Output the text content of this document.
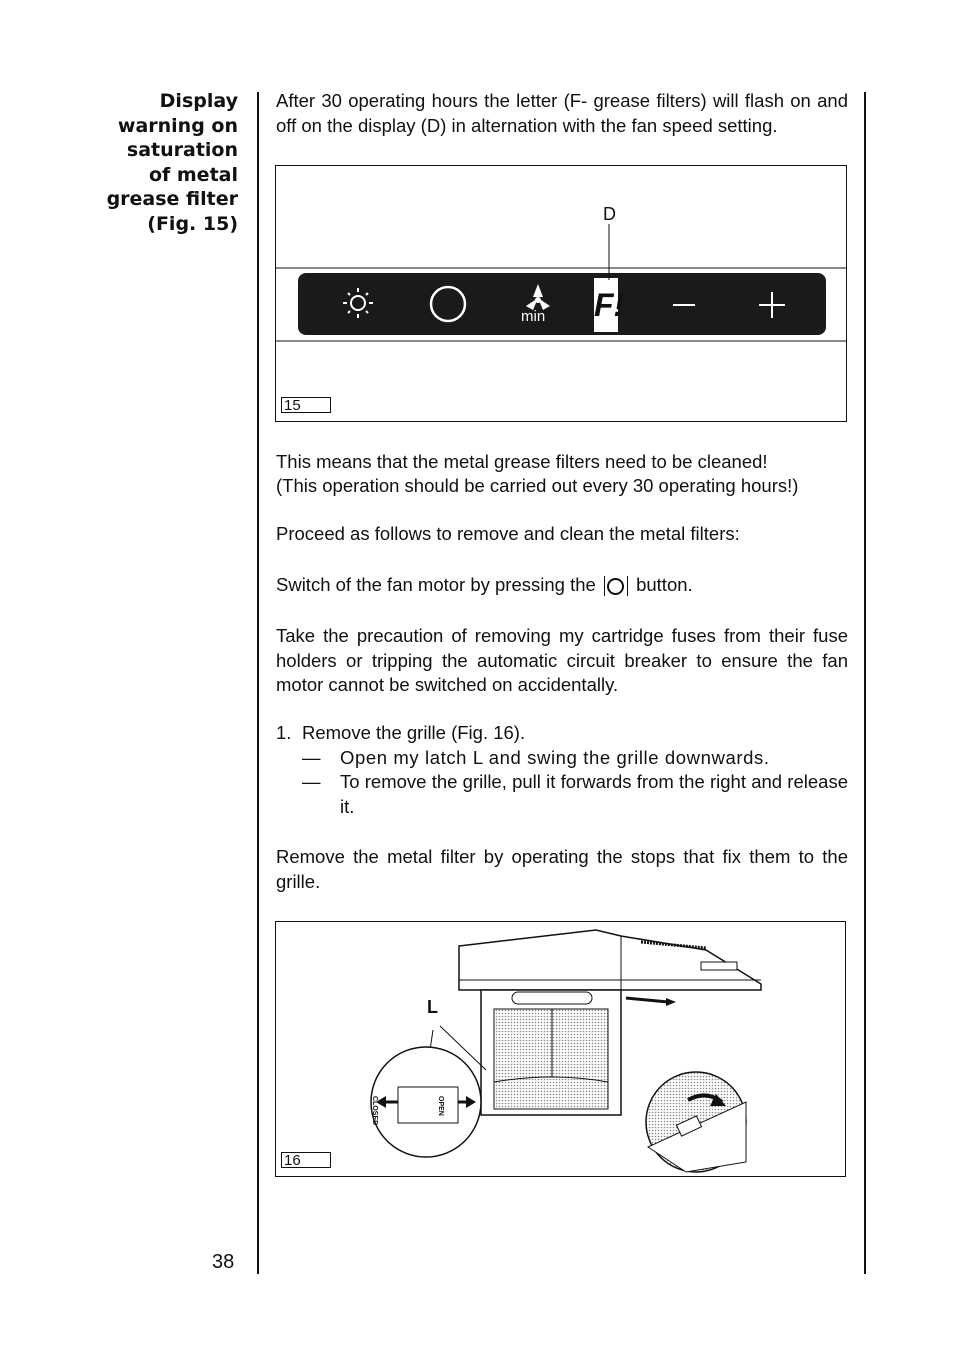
Display
warning on
saturation
of metal
grease filter
(Fig. 15)

After 30 operating hours the letter (F- grease filters) will flash on and off on the display (D) in alternation with the fan speed setting.

D
min F!
15

This means that the metal grease filters need to be cleaned!

(This operation should be carried out every 30 operating hours!)

Proceed as follows to remove and clean the metal filters:

Switch of the fan motor by pressing the button.

Take the precaution of removing my cartridge fuses from their fuse holders or tripping the automatic circuit breaker to ensure the fan motor cannot be switched on accidentally.

1. Remove the grille (Fig. 16).
—	Open my latch L and swing the grille downwards.
—	To remove the grille, pull it forwards from the right and release it.

Remove the metal filter by operating the stops that fix them to the grille.

L
CLOSED	OPEN
16
38
